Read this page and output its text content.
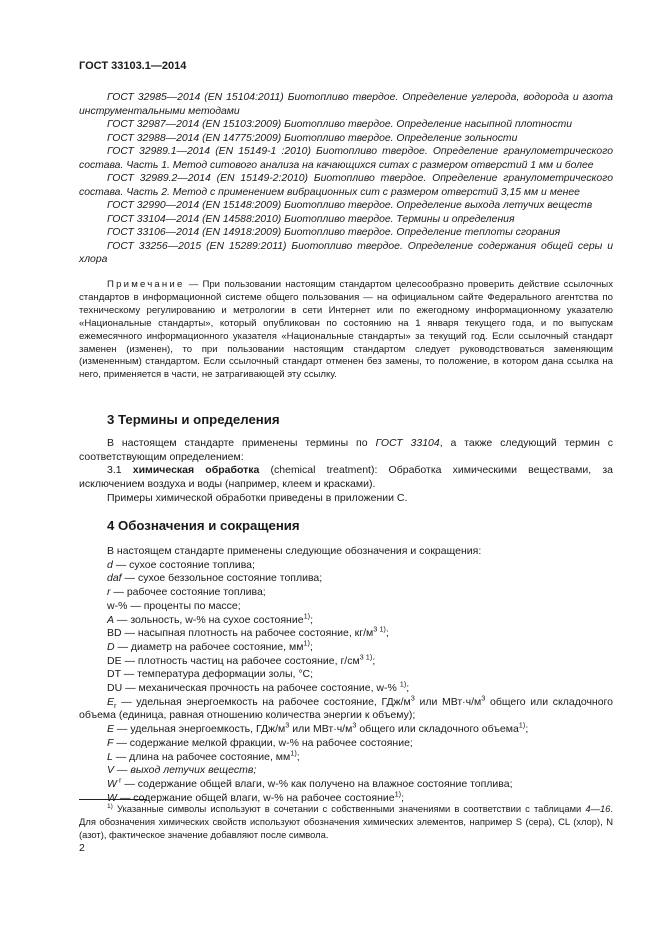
ГОСТ 33103.1—2014

ГОСТ 32985—2014 (EN 15104:2011) Биотопливо твердое. Определение углерода, водорода и азота инструментальными методами

ГОСТ 32987—2014 (EN 15103:2009) Биотопливо твердое. Определение насыпной плотности

ГОСТ 32988—2014 (EN 14775:2009) Биотопливо твердое. Определение зольности

ГОСТ 32989.1—2014 (EN 15149-1 :2010) Биотопливо твердое. Определение гранулометрического состава. Часть 1. Метод ситового анализа на качающихся ситах с размером отверстий 1 мм и более

ГОСТ 32989.2—2014 (EN 15149-2:2010) Биотопливо твердое. Определение гранулометрического состава. Часть 2. Метод с применением вибрационных сит с размером отверстий 3,15 мм и менее

ГОСТ 32990—2014 (EN 15148:2009) Биотопливо твердое. Определение выхода летучих веществ

ГОСТ 33104—2014 (EN 14588:2010) Биотопливо твердое. Термины и определения

ГОСТ 33106—2014 (EN 14918:2009) Биотопливо твердое. Определение теплоты сгорания

ГОСТ 33256—2015 (EN 15289:2011) Биотопливо твердое. Определение содержания общей серы и хлора

Примечание — При пользовании настоящим стандартом целесообразно проверить действие ссылочных стандартов в информационной системе общего пользования — на официальном сайте Федерального агентства по техническому регулированию и метрологии в сети Интернет или по ежегодному информационному указателю «Национальные стандарты», который опубликован по состоянию на 1 января текущего года, и по выпускам ежемесячного информационного указателя «Национальные стандарты» за текущий год. Если ссылочный стандарт заменен (изменен), то при пользовании настоящим стандартом следует руководствоваться заменяющим (измененным) стандартом. Если ссылочный стандарт отменен без замены, то положение, в котором дана ссылка на него, применяется в части, не затрагивающей эту ссылку.

3 Термины и определения

В настоящем стандарте применены термины по ГОСТ 33104, а также следующий термин с соответствующим определением:

3.1 химическая обработка (chemical treatment): Обработка химическими веществами, за исключением воздуха и воды (например, клеем и красками).

Примеры химической обработки приведены в приложении С.

4 Обозначения и сокращения

В настоящем стандарте применены следующие обозначения и сокращения:

d — сухое состояние топлива;

daf — сухое беззольное состояние топлива;

r — рабочее состояние топлива;

w-% — проценты по массе;

A — зольность, w-% на сухое состояние$^{1)}$;

BD — насыпная плотность на рабочее состояние, $кг/м^{3 1)}$;

D — диаметр на рабочее состояние, $мм^{1)}$;

DE — плотность частиц на рабочее состояние, $г/см^{3 1)}$;

DT — температура деформации золы, °С;

DU — механическая прочность на рабочее состояние, w-% $^{1)}$;

$E_r$ — удельная энергоемкость на рабочее состояние, ГДж/$м^3$ или $МВт\cdot ч/м^3$ общего или складочного объема (единица, равная отношению количества энергии к объему);

E — удельная энергоемкость, ГДж/$м^3$ или $МВт\cdot ч/м^3$ общего или складочного объема$^{1)}$;

F — содержание мелкой фракции, w-% на рабочее состояние;

L — длина на рабочее состояние, $мм^{1)}$;

V — выход летучих веществ;

W $^r$ — содержание общей влаги, w-% как получено на влажное состояние топлива;

W — содержание общей влаги, w-% на рабочее состояние$^{1)}$;

$^{1)}$ Указанные символы используют в сочетании с собственными значениями в соответствии с таблицами 4—16. Для обозначения химических свойств используют обозначения химических элементов, например S (сера), CL (хлор), N (азот), фактическое значение добавляют после символа.

2
